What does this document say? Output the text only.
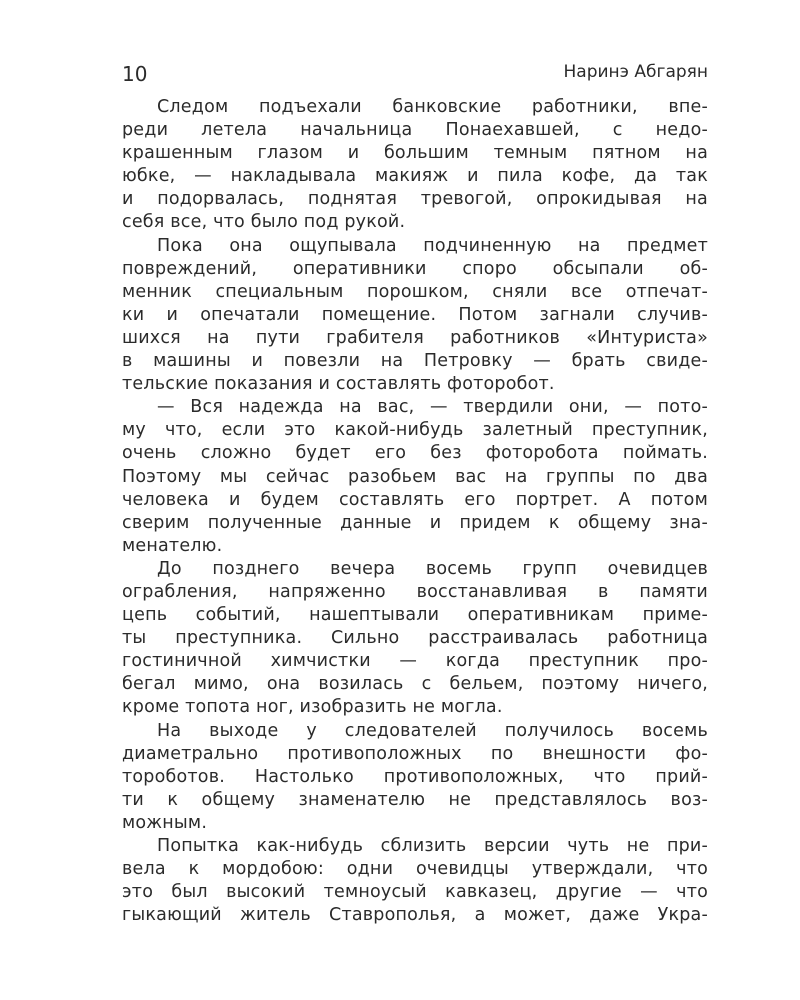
10	Наринэ Абгарян
Следом подъехали банковские работники, впе-
реди летела начальница Понаехавшей, с недо-
крашенным глазом и большим темным пятном на
юбке, — накладывала макияж и пила кофе, да так
и подорвалась, поднятая тревогой, опрокидывая на
себя все, что было под рукой.
Пока она ощупывала подчиненную на предмет
повреждений, оперативники споро обсыпали об-
менник специальным порошком, сняли все отпечат-
ки и опечатали помещение. Потом загнали случив-
шихся на пути грабителя работников «Интуриста»
в машины и повезли на Петровку — брать свиде-
тельские показания и составлять фоторобот.
— Вся надежда на вас, — твердили они, — пото-
му что, если это какой-нибудь залетный преступник,
очень сложно будет его без фоторобота поймать.
Поэтому мы сейчас разобьем вас на группы по два
человека и будем составлять его портрет. А потом
сверим полученные данные и придем к общему зна-
менателю.
До позднего вечера восемь групп очевидцев
ограбления, напряженно восстанавливая в памяти
цепь событий, нашептывали оперативникам приме-
ты преступника. Сильно расстраивалась работница
гостиничной химчистки — когда преступник про-
бегал мимо, она возилась с бельем, поэтому ничего,
кроме топота ног, изобразить не могла.
На выходе у следователей получилось восемь
диаметрально противоположных по внешности фо-
тороботов. Настолько противоположных, что прий-
ти к общему знаменателю не представлялось воз-
можным.
Попытка как-нибудь сблизить версии чуть не при-
вела к мордобою: одни очевидцы утверждали, что
это был высокий темноусый кавказец, другие — что
гыкающий житель Ставрополья, а может, даже Укра-
